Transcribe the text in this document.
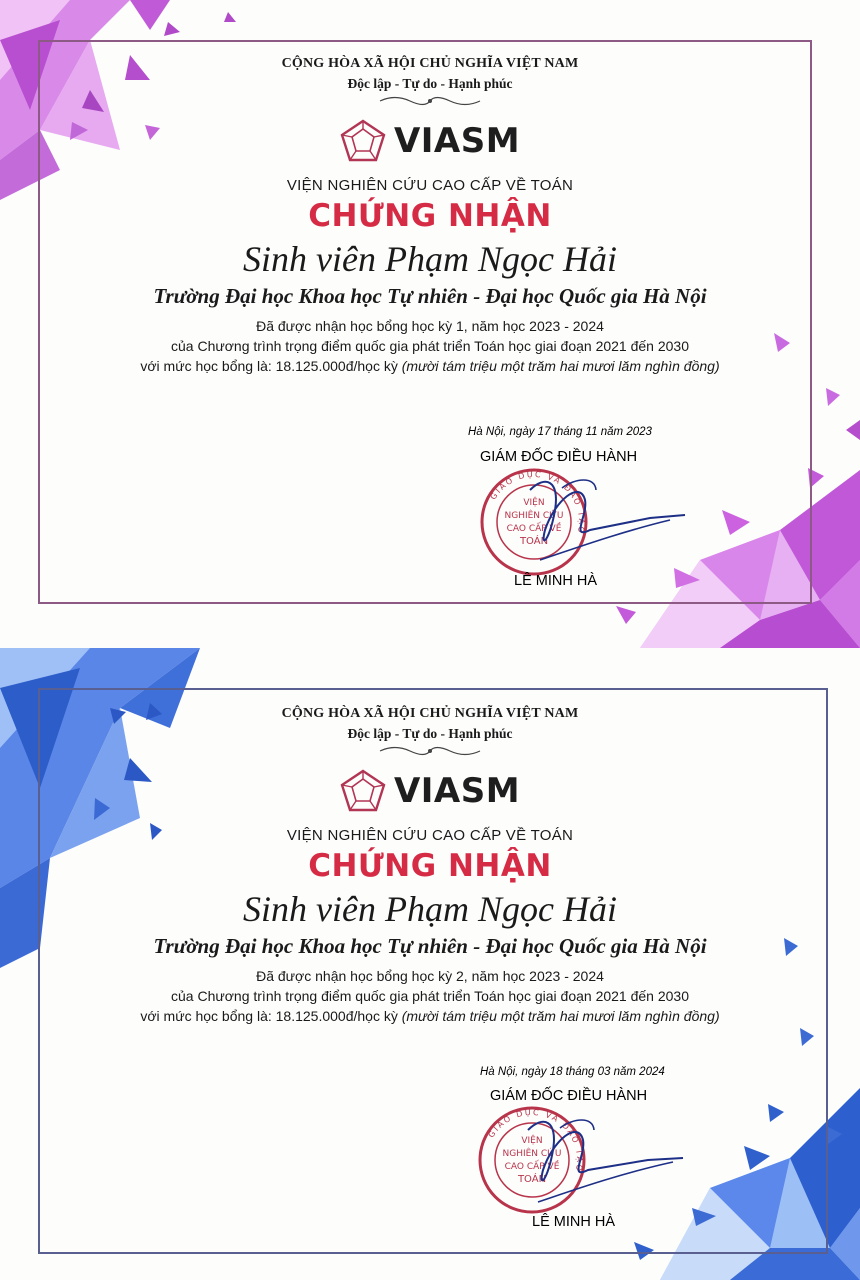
CỘNG HÒA XÃ HỘI CHỦ NGHĨA VIỆT NAM
Độc lập - Tự do - Hạnh phúc
VIASM
VIỆN NGHIÊN CỨU CAO CẤP VỀ TOÁN
CHỨNG NHẬN
Sinh viên Phạm Ngọc Hải
Trường Đại học Khoa học Tự nhiên - Đại học Quốc gia Hà Nội
Đã được nhận học bổng học kỳ 1, năm học 2023 - 2024
của Chương trình trọng điểm quốc gia phát triển Toán học giai đoạn 2021 đến 2030
với mức học bổng là: 18.125.000đ/học kỳ (mười tám triệu một trăm hai mươi lăm nghìn đồng)
Hà Nội, ngày 17 tháng 11 năm 2023
GIÁM ĐỐC ĐIỀU HÀNH
GIÁO DỤC VÀ ĐÀO TẠO
VIỆN
NGHIÊN CỨU
CAO CẤP VỀ
TOÁN
LÊ MINH HÀ
CỘNG HÒA XÃ HỘI CHỦ NGHĨA VIỆT NAM
Độc lập - Tự do - Hạnh phúc
VIASM
VIỆN NGHIÊN CỨU CAO CẤP VỀ TOÁN
CHỨNG NHẬN
Sinh viên Phạm Ngọc Hải
Trường Đại học Khoa học Tự nhiên - Đại học Quốc gia Hà Nội
Đã được nhận học bổng học kỳ 2, năm học 2023 - 2024
của Chương trình trọng điểm quốc gia phát triển Toán học giai đoạn 2021 đến 2030
với mức học bổng là: 18.125.000đ/học kỳ (mười tám triệu một trăm hai mươi lăm nghìn đồng)
Hà Nội, ngày 18 tháng 03 năm 2024
GIÁM ĐỐC ĐIỀU HÀNH
GIÁO DỤC VÀ ĐÀO TẠO
VIỆN
NGHIÊN CỨU
CAO CẤP VỀ
TOÁN
LÊ MINH HÀ
